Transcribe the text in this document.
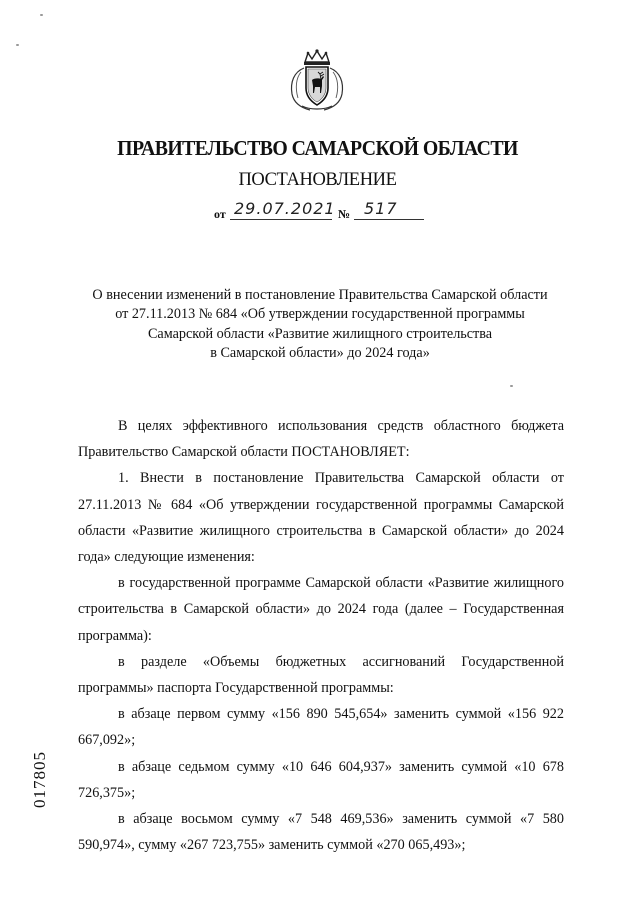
ПРАВИТЕЛЬСТВО САМАРСКОЙ ОБЛАСТИ
ПОСТАНОВЛЕНИЕ
от 29.07.2021 № 517
О внесении изменений в постановление Правительства Самарской области
от 27.11.2013 № 684 «Об утверждении государственной программы
Самарской области «Развитие жилищного строительства
в Самарской области» до 2024 года»

В целях эффективного использования средств областного бюджета Правительство Самарской области ПОСТАНОВЛЯЕТ:

1. Внести в постановление Правительства Самарской области от 27.11.2013 № 684 «Об утверждении государственной программы Самарской области «Развитие жилищного строительства в Самарской области» до 2024 года» следующие изменения:

в государственной программе Самарской области «Развитие жилищного строительства в Самарской области» до 2024 года (далее – Государственная программа):

в разделе «Объемы бюджетных ассигнований Государственной программы» паспорта Государственной программы:

в абзаце первом сумму «156 890 545,654» заменить суммой «156 922 667,092»;

в абзаце седьмом сумму «10 646 604,937» заменить суммой «10 678 726,375»;

в абзаце восьмом сумму «7 548 469,536» заменить суммой «7 580 590,974», сумму «267 723,755» заменить суммой «270 065,493»;

017805
